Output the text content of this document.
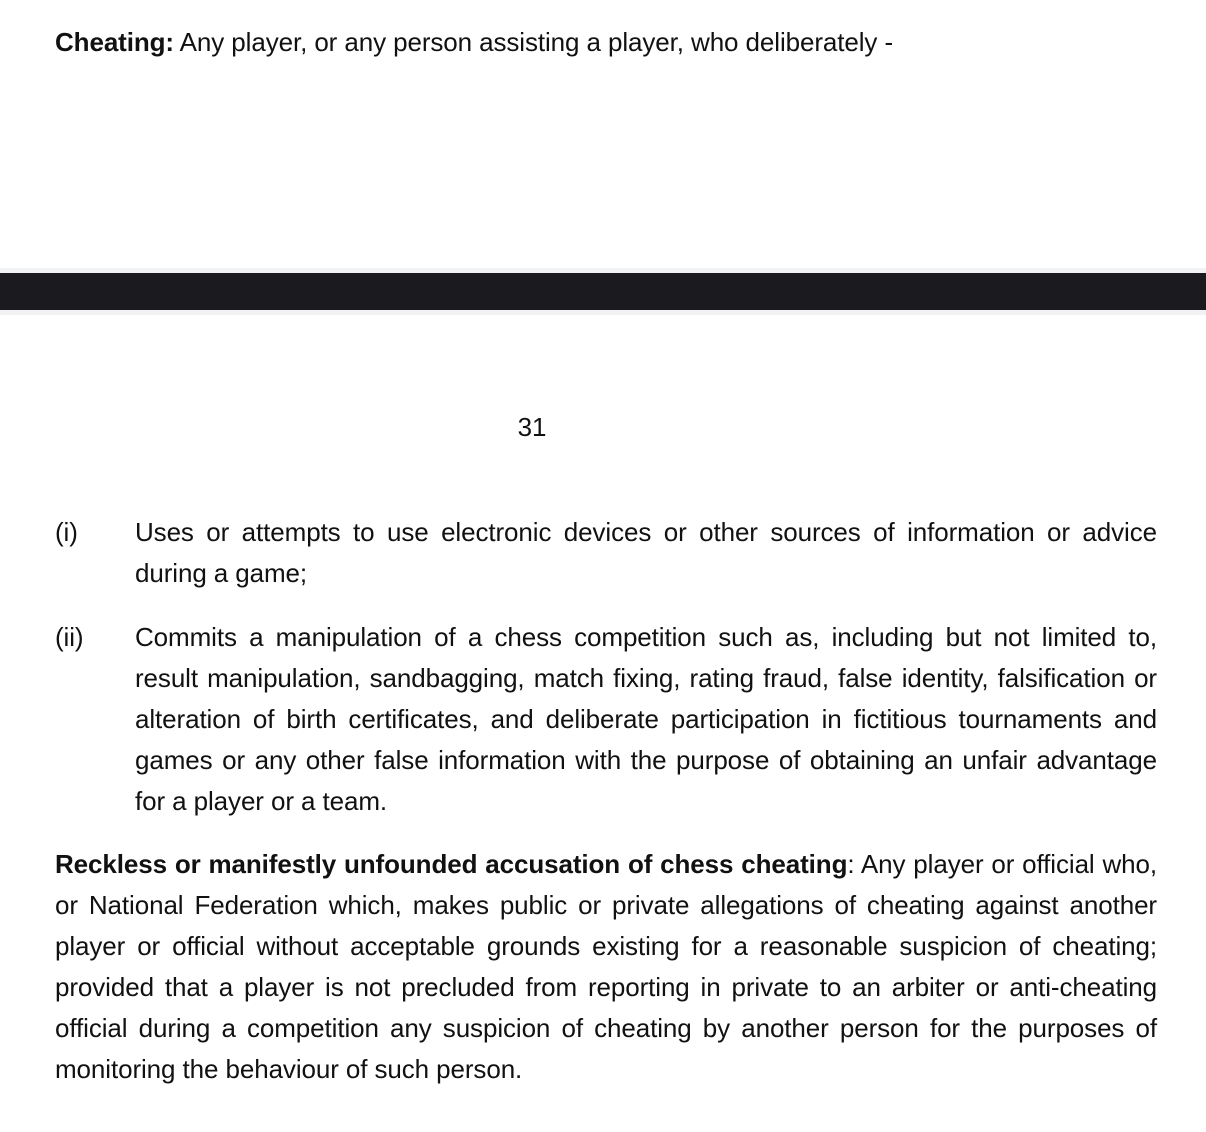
Cheating: Any player, or any person assisting a player, who deliberately -

31
(i)	Uses or attempts to use electronic devices or other sources of information or advice during a game;

(ii)	Commits a manipulation of a chess competition such as, including but not limited to, result manipulation, sandbagging, match fixing, rating fraud, false identity, falsification or alteration of birth certificates, and deliberate participation in fictitious tournaments and games or any other false information with the purpose of obtaining an unfair advantage for a player or a team.

Reckless or manifestly unfounded accusation of chess cheating: Any player or official who, or National Federation which, makes public or private allegations of cheating against another player or official without acceptable grounds existing for a reasonable suspicion of cheating; provided that a player is not precluded from reporting in private to an arbiter or anti-cheating official during a competition any suspicion of cheating by another person for the purposes of monitoring the behaviour of such person.
